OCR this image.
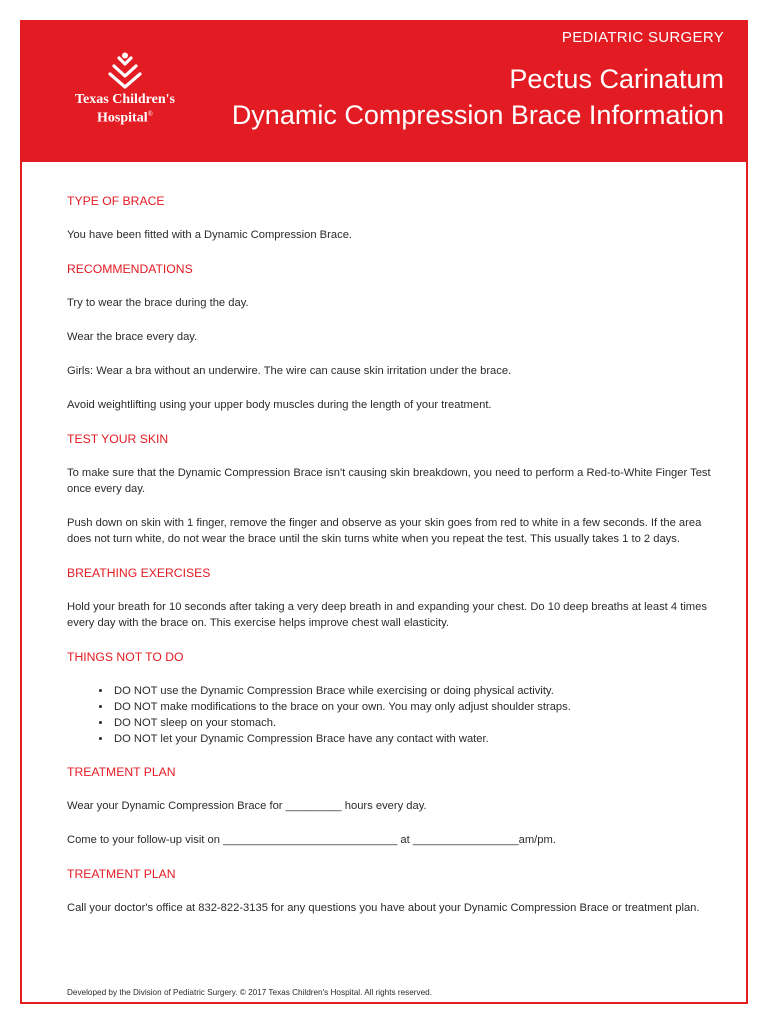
Texas Children's
Hospital®
PEDIATRIC SURGERY
Pectus Carinatum
Dynamic Compression Brace Information
TYPE OF BRACE

You have been fitted with a Dynamic Compression Brace.

RECOMMENDATIONS

Try to wear the brace during the day.

Wear the brace every day.

Girls: Wear a bra without an underwire. The wire can cause skin irritation under the brace.

Avoid weightlifting using your upper body muscles during the length of your treatment.

TEST YOUR SKIN

To make sure that the Dynamic Compression Brace isn't causing skin breakdown, you need to perform a Red-to-White Finger Test once every day.

Push down on skin with 1 finger, remove the finger and observe as your skin goes from red to white in a few seconds. If the area does not turn white, do not wear the brace until the skin turns white when you repeat the test. This usually takes 1 to 2 days.

BREATHING EXERCISES

Hold your breath for 10 seconds after taking a very deep breath in and expanding your chest. Do 10 deep breaths at least 4 times every day with the brace on. This exercise helps improve chest wall elasticity.

THINGS NOT TO DO
• DO NOT use the Dynamic Compression Brace while exercising or doing physical activity.
• DO NOT make modifications to the brace on your own. You may only adjust shoulder straps.
• DO NOT sleep on your stomach.
• DO NOT let your Dynamic Compression Brace have any contact with water.
TREATMENT PLAN

Wear your Dynamic Compression Brace for _________ hours every day.

Come to your follow-up visit on ____________________________ at _________________am/pm.

TREATMENT PLAN

Call your doctor's office at 832-822-3135 for any questions you have about your Dynamic Compression Brace or treatment plan.

Developed by the Division of Pediatric Surgery. © 2017 Texas Children's Hospital. All rights reserved.
